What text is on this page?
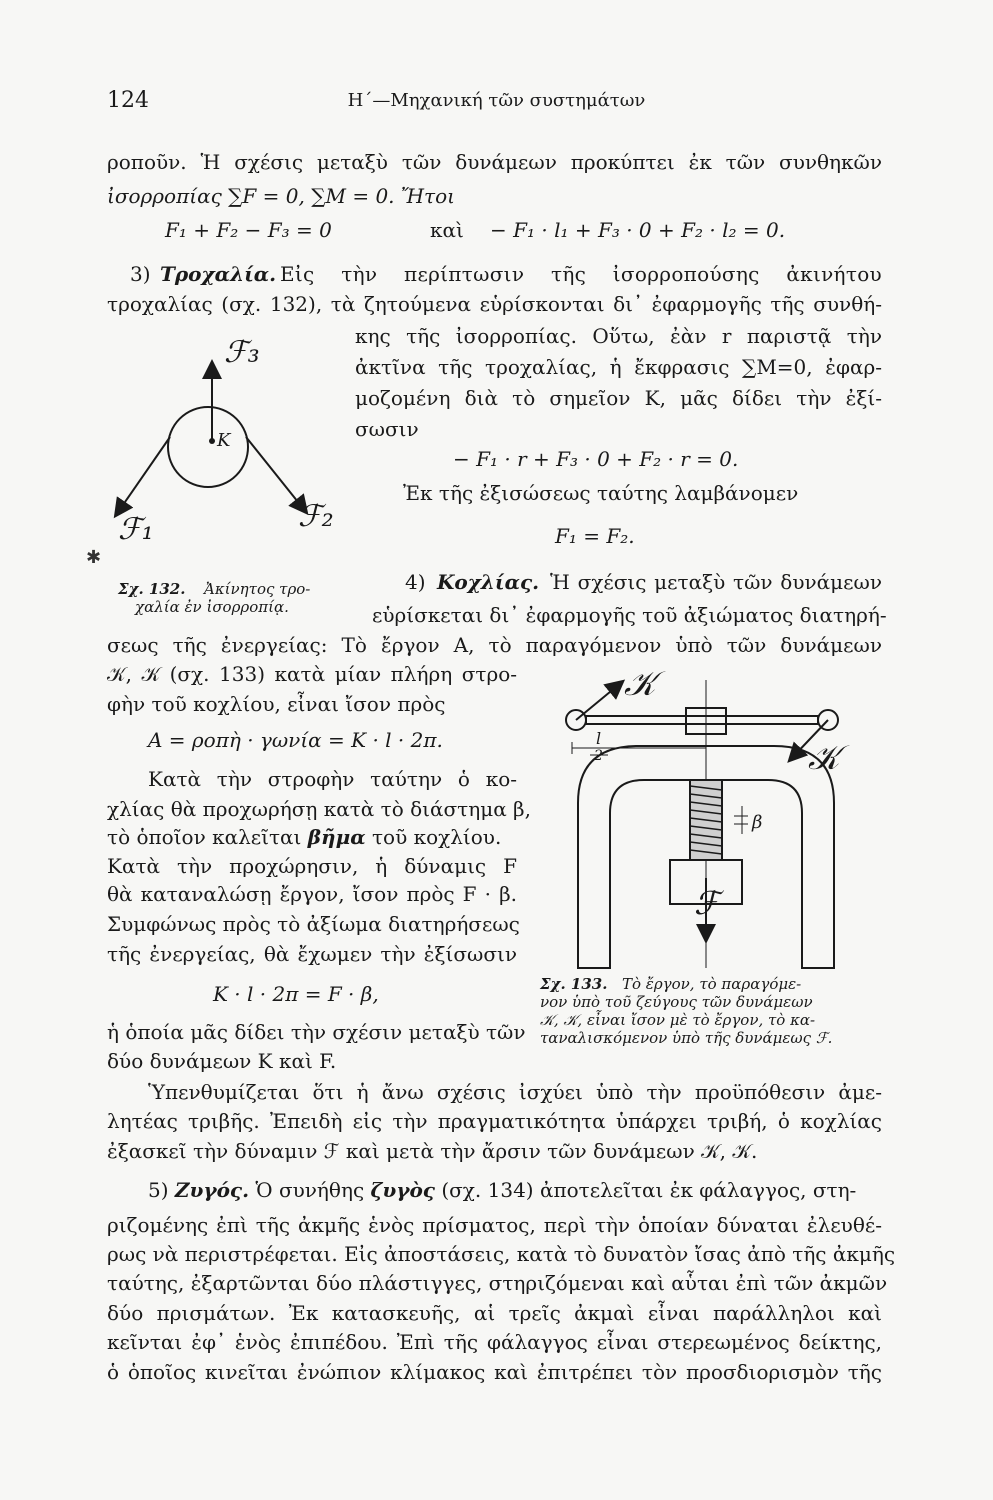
124	Η΄—Μηχανική τῶν συστημάτων
ροποῦν. Ἡ σχέσις μεταξὺ τῶν δυνάμεων προκύπτει ἐκ τῶν συνθηκῶν
ἰσορροπίας ∑F = 0, ∑M = 0. Ἤτοι
F₁ + F₂ − F₃ = 0	καὶ − F₁ · l₁ + F₃ · 0 + F₂ · l₂ = 0.
3) Τροχαλία. Εἰς τὴν περίπτωσιν τῆς ἰσορροπούσης ἀκινήτου
τροχαλίας (σχ. 132), τὰ ζητούμενα εὑρίσκονται δι᾽ ἐφαρμογῆς τῆς συνθή-
κης τῆς ἰσορροπίας. Οὕτω, ἐὰν r παριστᾷ τὴν
ἀκτῖνα τῆς τροχαλίας, ἡ ἔκφρασις ∑M=0, ἐφαρ-
μοζομένη διὰ τὸ σημεῖον K, μᾶς δίδει τὴν ἐξί-
σωσιν
− F₁ · r + F₃ · 0 + F₂ · r = 0.
Ἐκ τῆς ἐξισώσεως ταύτης λαμβάνομεν
F₁ = F₂.
ℱ₃
K
ℱ₁	ℱ₂
✱
Σχ. 132. Ἀκίνητος τρο-
χαλία ἐν ἰσορροπίᾳ.
4) Κοχλίας. Ἡ σχέσις μεταξὺ τῶν δυνάμεων
εὑρίσκεται δι᾽ ἐφαρμογῆς τοῦ ἀξιώματος διατηρή-
σεως τῆς ἐνεργείας: Τὸ ἔργον A, τὸ παραγόμενον ὑπὸ τῶν δυνάμεων
𝒦, 𝒦 (σχ. 133) κατὰ μίαν πλήρη στρο-
φὴν τοῦ κοχλίου, εἶναι ἴσον πρὸς
A = ροπὴ · γωνία = K · l · 2π.
Κατὰ τὴν στροφὴν ταύτην ὁ κο-
χλίας θὰ προχωρήσῃ κατὰ τὸ διάστημα β,
τὸ ὁποῖον καλεῖται βῆμα τοῦ κοχλίου.
Κατὰ τὴν προχώρησιν, ἡ δύναμις F
θὰ καταναλώσῃ ἔργον, ἴσον πρὸς F · β.
Συμφώνως πρὸς τὸ ἀξίωμα διατηρήσεως
τῆς ἐνεργείας, θὰ ἔχωμεν τὴν ἐξίσωσιν
K · l · 2π = F · β,
ἡ ὁποία μᾶς δίδει τὴν σχέσιν μεταξὺ τῶν
δύο δυνάμεων K καὶ F.
𝒦
𝒦
l
2
β
ℱ
Σχ. 133. Τὸ ἔργον, τὸ παραγόμε-
νον ὑπὸ τοῦ ζεύγους τῶν δυνάμεων
𝒦, 𝒦, εἶναι ἴσον μὲ τὸ ἔργον, τὸ κα-
ταναλισκόμενον ὑπὸ τῆς δυνάμεως ℱ.
Ὑπενθυμίζεται ὅτι ἡ ἄνω σχέσις ἰσχύει ὑπὸ τὴν προϋπόθεσιν ἀμε-
λητέας τριβῆς. Ἐπειδὴ εἰς τὴν πραγματικότητα ὑπάρχει τριβή, ὁ κοχλίας
ἐξασκεῖ τὴν δύναμιν ℱ καὶ μετὰ τὴν ἄρσιν τῶν δυνάμεων 𝒦, 𝒦.
5) Ζυγός. Ὁ συνήθης ζυγὸς (σχ. 134) ἀποτελεῖται ἐκ φάλαγγος, στη-
ριζομένης ἐπὶ τῆς ἀκμῆς ἑνὸς πρίσματος, περὶ τὴν ὁποίαν δύναται ἐλευθέ-
ρως νὰ περιστρέφεται. Εἰς ἀποστάσεις, κατὰ τὸ δυνατὸν ἴσας ἀπὸ τῆς ἀκμῆς
ταύτης, ἐξαρτῶνται δύο πλάστιγγες, στηριζόμεναι καὶ αὗται ἐπὶ τῶν ἀκμῶν
δύο πρισμάτων. Ἐκ κατασκευῆς, αἱ τρεῖς ἀκμαὶ εἶναι παράλληλοι καὶ
κεῖνται ἐφ᾽ ἑνὸς ἐπιπέδου. Ἐπὶ τῆς φάλαγγος εἶναι στερεωμένος δείκτης,
ὁ ὁποῖος κινεῖται ἐνώπιον κλίμακος καὶ ἐπιτρέπει τὸν προσδιορισμὸν τῆς
